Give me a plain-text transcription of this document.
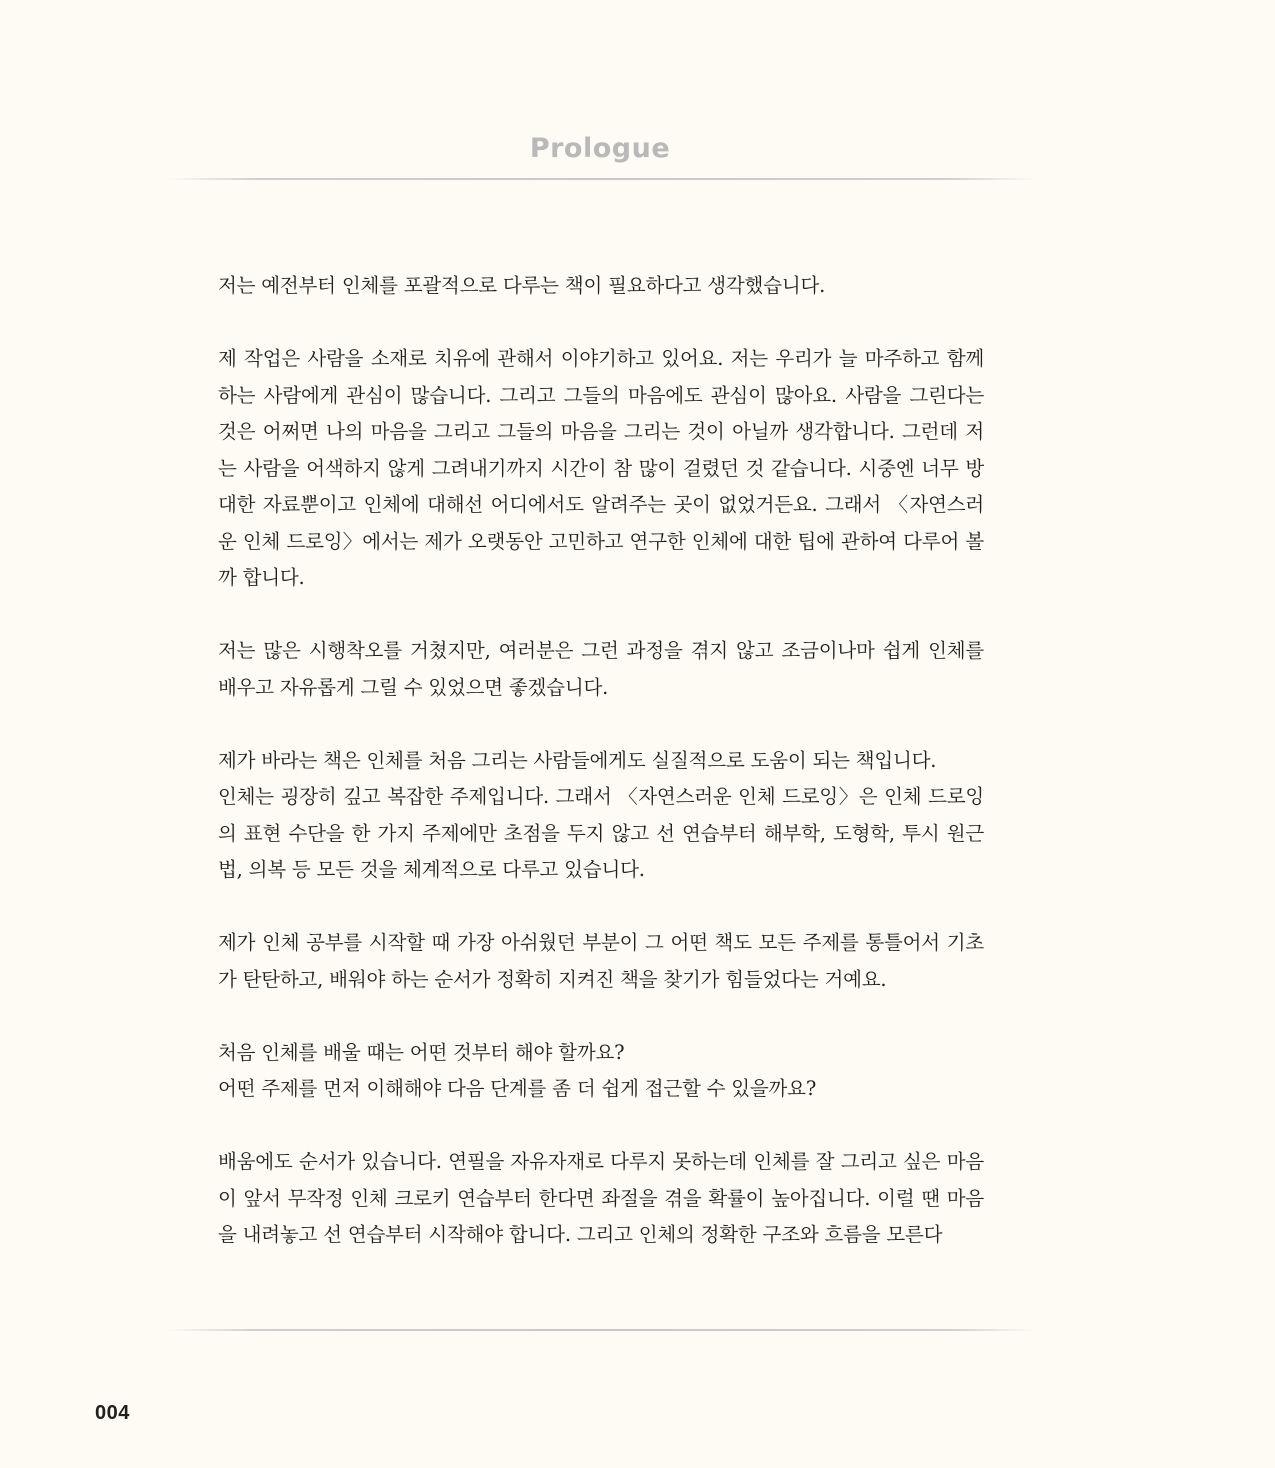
Prologue

저는 예전부터 인체를 포괄적으로 다루는 책이 필요하다고 생각했습니다.

제 작업은 사람을 소재로 치유에 관해서 이야기하고 있어요. 저는 우리가 늘 마주하고 함께 하는 사람에게 관심이 많습니다. 그리고 그들의 마음에도 관심이 많아요. 사람을 그린다는 것은 어쩌면 나의 마음을 그리고 그들의 마음을 그리는 것이 아닐까 생각합니다. 그런데 저는 사람을 어색하지 않게 그려내기까지 시간이 참 많이 걸렸던 것 같습니다. 시중엔 너무 방대한 자료뿐이고 인체에 대해선 어디에서도 알려주는 곳이 없었거든요. 그래서 〈자연스러운 인체 드로잉〉에서는 제가 오랫동안 고민하고 연구한 인체에 대한 팁에 관하여 다루어 볼까 합니다.

저는 많은 시행착오를 거쳤지만, 여러분은 그런 과정을 겪지 않고 조금이나마 쉽게 인체를 배우고 자유롭게 그릴 수 있었으면 좋겠습니다.

제가 바라는 책은 인체를 처음 그리는 사람들에게도 실질적으로 도움이 되는 책입니다.
인체는 굉장히 깊고 복잡한 주제입니다. 그래서 〈자연스러운 인체 드로잉〉은 인체 드로잉의 표현 수단을 한 가지 주제에만 초점을 두지 않고 선 연습부터 해부학, 도형학, 투시 원근법, 의복 등 모든 것을 체계적으로 다루고 있습니다.

제가 인체 공부를 시작할 때 가장 아쉬웠던 부분이 그 어떤 책도 모든 주제를 통틀어서 기초가 탄탄하고, 배워야 하는 순서가 정확히 지켜진 책을 찾기가 힘들었다는 거예요.

처음 인체를 배울 때는 어떤 것부터 해야 할까요?
어떤 주제를 먼저 이해해야 다음 단계를 좀 더 쉽게 접근할 수 있을까요?

배움에도 순서가 있습니다. 연필을 자유자재로 다루지 못하는데 인체를 잘 그리고 싶은 마음이 앞서 무작정 인체 크로키 연습부터 한다면 좌절을 겪을 확률이 높아집니다. 이럴 땐 마음을 내려놓고 선 연습부터 시작해야 합니다. 그리고 인체의 정확한 구조와 흐름을 모른다

004
